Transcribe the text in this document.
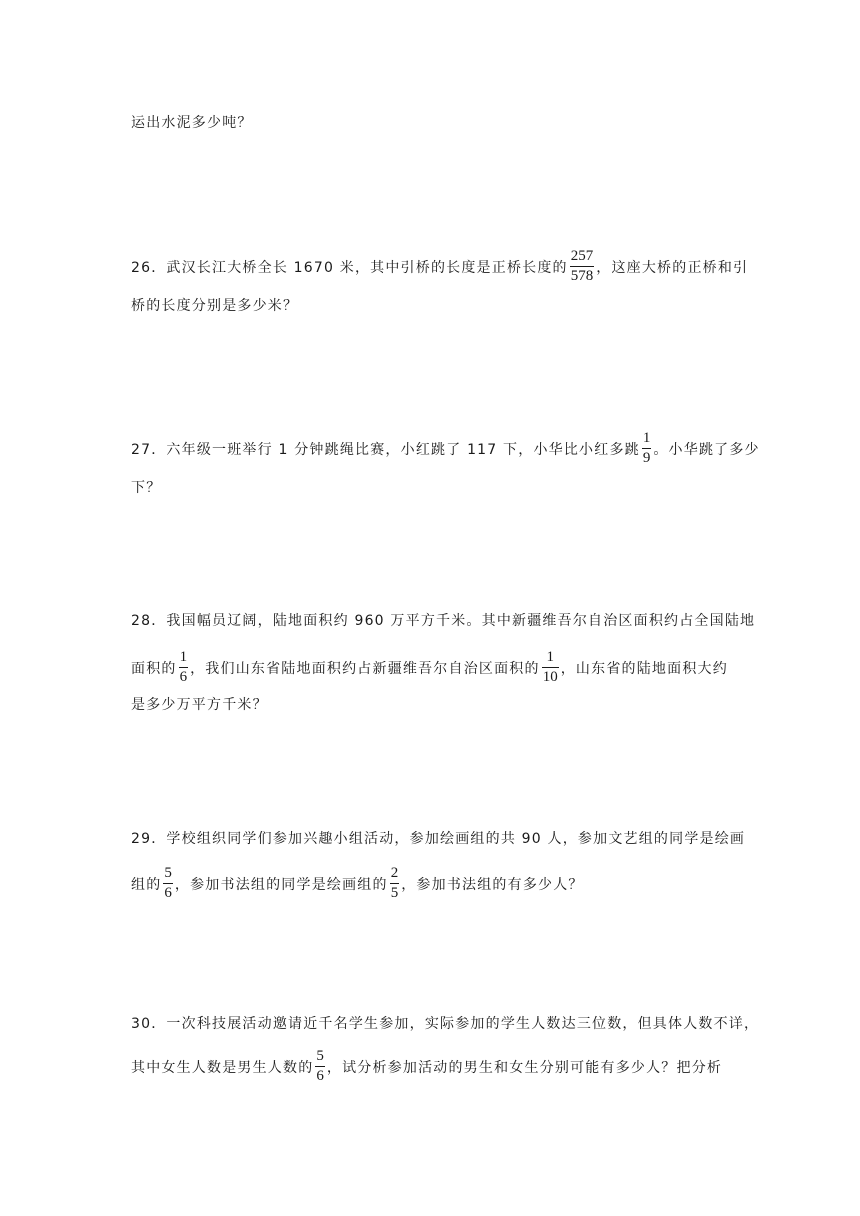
运出水泥多少吨？
26．武汉长江大桥全长 1670 米，其中引桥的长度是正桥长度的 $\frac{257}{578}$ ，这座大桥的正桥和引
桥的长度分别是多少米？
27．六年级一班举行 1 分钟跳绳比赛，小红跳了 117 下，小华比小红多跳 $\frac{1}{9}$ 。小华跳了多少
下？
28．我国幅员辽阔，陆地面积约 960 万平方千米。其中新疆维吾尔自治区面积约占全国陆地
面积的 $\frac{1}{6}$ ，我们山东省陆地面积约占新疆维吾尔自治区面积的 $\frac{1}{10}$ ，山东省的陆地面积大约
是多少万平方千米？
29．学校组织同学们参加兴趣小组活动，参加绘画组的共 90 人，参加文艺组的同学是绘画
组的 $\frac{5}{6}$ ，参加书法组的同学是绘画组的 $\frac{2}{5}$ ，参加书法组的有多少人？
30．一次科技展活动邀请近千名学生参加，实际参加的学生人数达三位数，但具体人数不详，
其中女生人数是男生人数的 $\frac{5}{6}$ ，试分析参加活动的男生和女生分别可能有多少人？把分析
